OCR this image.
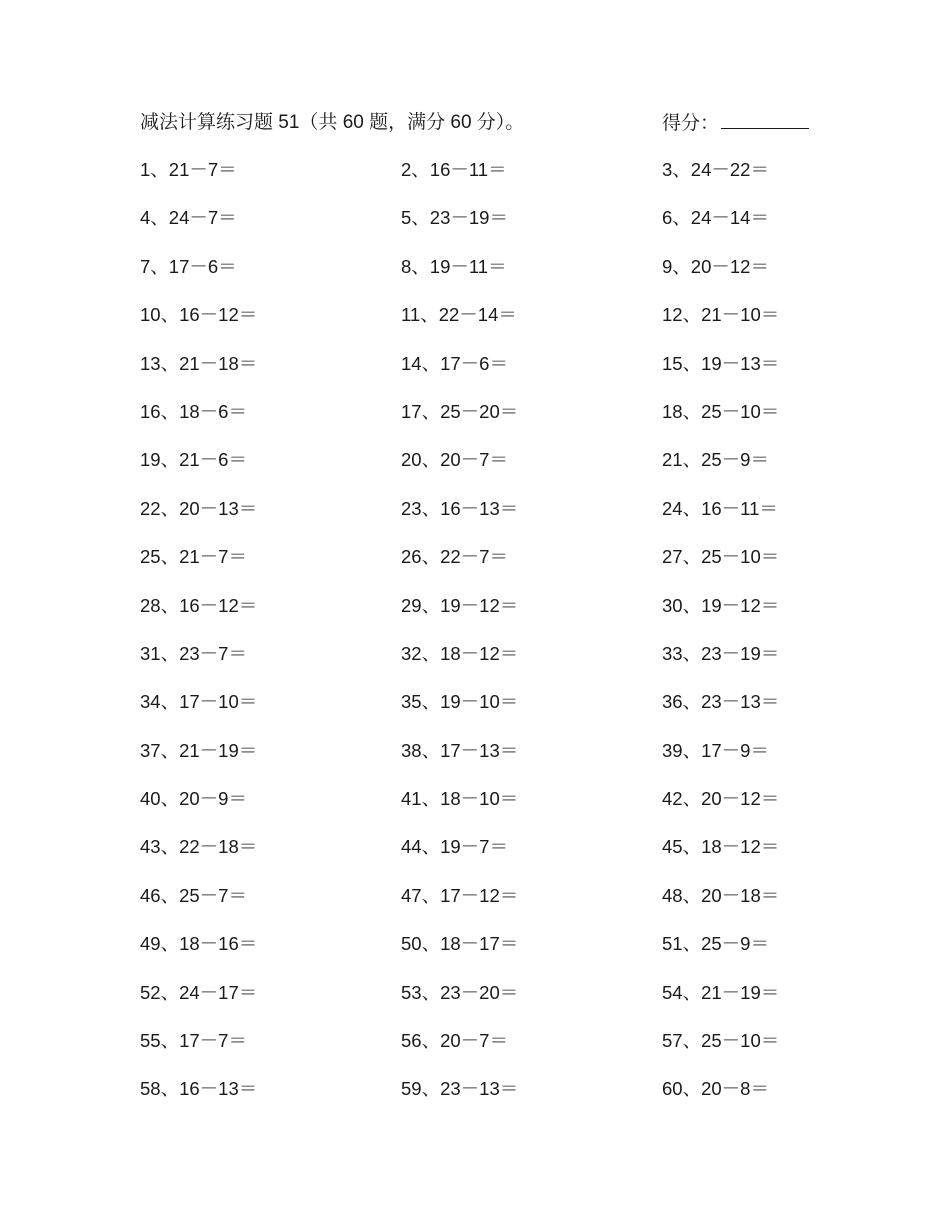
减法计算练习题 51（共 60 题，满分 60 分）。	得分：
1、21－7＝	2、16－11＝	3、24－22＝
4、24－7＝	5、23－19＝	6、24－14＝
7、17－6＝	8、19－11＝	9、20－12＝
10、16－12＝	11、22－14＝	12、21－10＝
13、21－18＝	14、17－6＝	15、19－13＝
16、18－6＝	17、25－20＝	18、25－10＝
19、21－6＝	20、20－7＝	21、25－9＝
22、20－13＝	23、16－13＝	24、16－11＝
25、21－7＝	26、22－7＝	27、25－10＝
28、16－12＝	29、19－12＝	30、19－12＝
31、23－7＝	32、18－12＝	33、23－19＝
34、17－10＝	35、19－10＝	36、23－13＝
37、21－19＝	38、17－13＝	39、17－9＝
40、20－9＝	41、18－10＝	42、20－12＝
43、22－18＝	44、19－7＝	45、18－12＝
46、25－7＝	47、17－12＝	48、20－18＝
49、18－16＝	50、18－17＝	51、25－9＝
52、24－17＝	53、23－20＝	54、21－19＝
55、17－7＝	56、20－7＝	57、25－10＝
58、16－13＝	59、23－13＝	60、20－8＝
